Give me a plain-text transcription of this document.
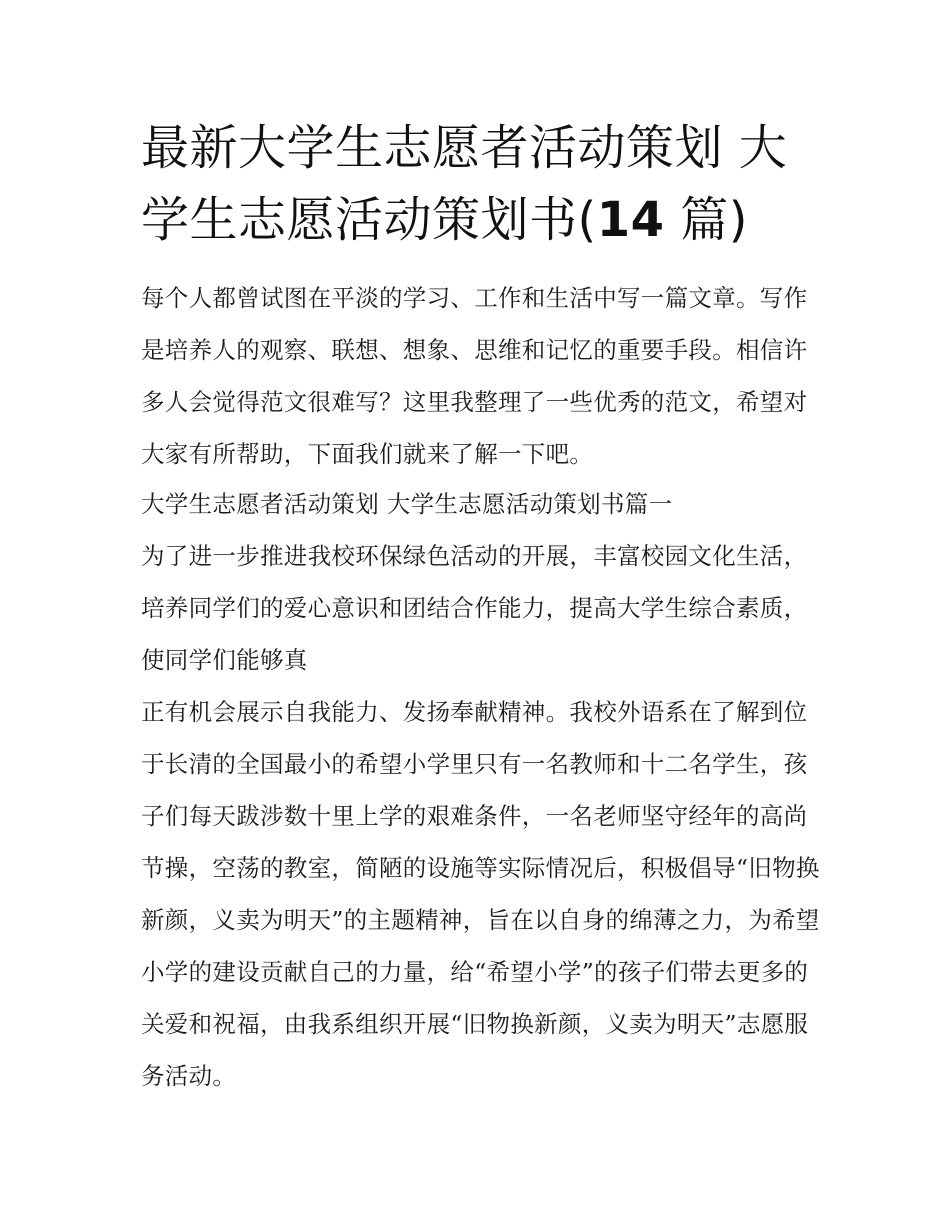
最新大学生志愿者活动策划 大
学生志愿活动策划书(14 篇)

每个人都曾试图在平淡的学习、工作和生活中写一篇文章。写作是培养人的观察、联想、想象、思维和记忆的重要手段。相信许多人会觉得范文很难写？这里我整理了一些优秀的范文，希望对大家有所帮助，下面我们就来了解一下吧。

大学生志愿者活动策划 大学生志愿活动策划书篇一

为了进一步推进我校环保绿色活动的开展，丰富校园文化生活，培养同学们的爱心意识和团结合作能力，提高大学生综合素质，使同学们能够真

正有机会展示自我能力、发扬奉献精神。我校外语系在了解到位于长清的全国最小的希望小学里只有一名教师和十二名学生，孩子们每天跋涉数十里上学的艰难条件，一名老师坚守经年的高尚节操，空荡的教室，简陋的设施等实际情况后，积极倡导“旧物换新颜，义卖为明天”的主题精神，旨在以自身的绵薄之力，为希望小学的建设贡献自己的力量，给“希望小学”的孩子们带去更多的关爱和祝福，由我系组织开展“旧物换新颜，义卖为明天”志愿服务活动。
